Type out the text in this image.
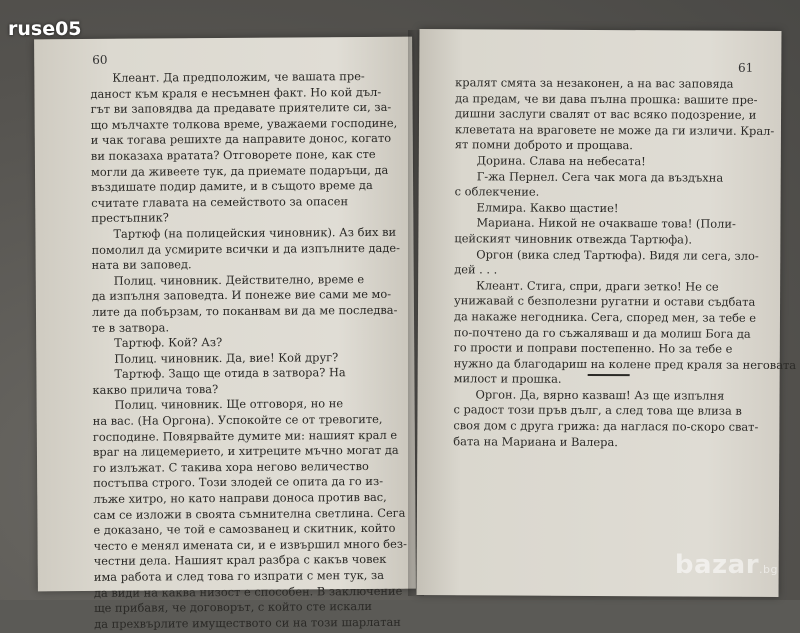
60
Клеант. Да предположим, че вашата пре-
даност към краля е несъмнен факт. Но кой дъл-
гът ви заповядва да предавате приятелите си, за-
що мълчахте толкова време, уважаеми господине,
и чак тогава решихте да направите донос, когато
ви показаха вратата? Отговорете поне, как сте
могли да живеете тук, да приемате подаръци, да
въздишате подир дамите, и в същото време да
считате главата на семейството за опасен
престъпник?
Тартюф (на полицейския чиновник). Аз бих ви
помолил да усмирите всички и да изпълните даде-
ната ви заповед.
Полиц. чиновник. Действително, време е
да изпълня заповедта. И понеже вие сами ме мо-
лите да побързам, то покaнвам ви да ме последва-
те в затвора.
Тартюф. Кой? Аз?
Полиц. чиновник. Да, вие! Кой друг?
Тартюф. Защо ще отида в затвора? На
какво прилича това?
Полиц. чиновник. Ще отговоря, но не
на вас. (На Оргона). Успокойте се от тревогите,
господине. Повярвайте думите ми: нашият крал е
враг на лицемерието, и хитреците мъчно могат да
го излъжат. С такива хора негово величество
постъпва строго. Този злодей се опита да го из-
лъже хитро, но като направи доноса против вас,
сам се изложи в своята съмнителна светлина. Сега
е доказано, че той е самозванец и скитник, който
често е менял имената си, и е извършил много без-
честни дела. Нашият крал разбра с какъв човек
има работа и след това го изпрати с мен тук, за
да види на каква низост е способен. В заключение
ще прибавя, че договорът, с който сте искали
да прехвърлите имуществото си на този шарлатан
61
кралят смята за незаконен, а на вас заповяда
да предам, че ви дава пълна прошка: вашите пре-
дишни заслуги свалят от вас всяко подозрение, и
клеветата на враговете не може да ги изличи. Крал-
ят помни доброто и прощава.
Дорина. Слава на небесата!
Г-жа Пернел. Сега чак мога да въздъхна
с облекчение.
Елмира. Какво щастие!
Мариана. Никой не очакваше това! (Поли-
цейският чиновник отвежда Тартюфа).
Оргон (вика след Тартюфа). Видя ли сега, зло-
дей . . .
Клеант. Стига, спри, драги зетко! Не се
унижавай с безполезни ругатни и остави съдбата
да накаже негодника. Сега, според мен, за тебе е
по-почтено да го съжаляваш и да молиш Бога да
го прости и поправи постепенно. Но за тебе е
нужно да благодариш на колене пред краля за неговата
милост и прошка.
Оргон. Да, вярно казваш! Аз ще изпълня
с радост този пръв дълг, а след това ще влиза в
своя дом с друга грижа: да наглася по-скоро сват-
бата на Мариана и Валера.
ruse05
bazar.bg
